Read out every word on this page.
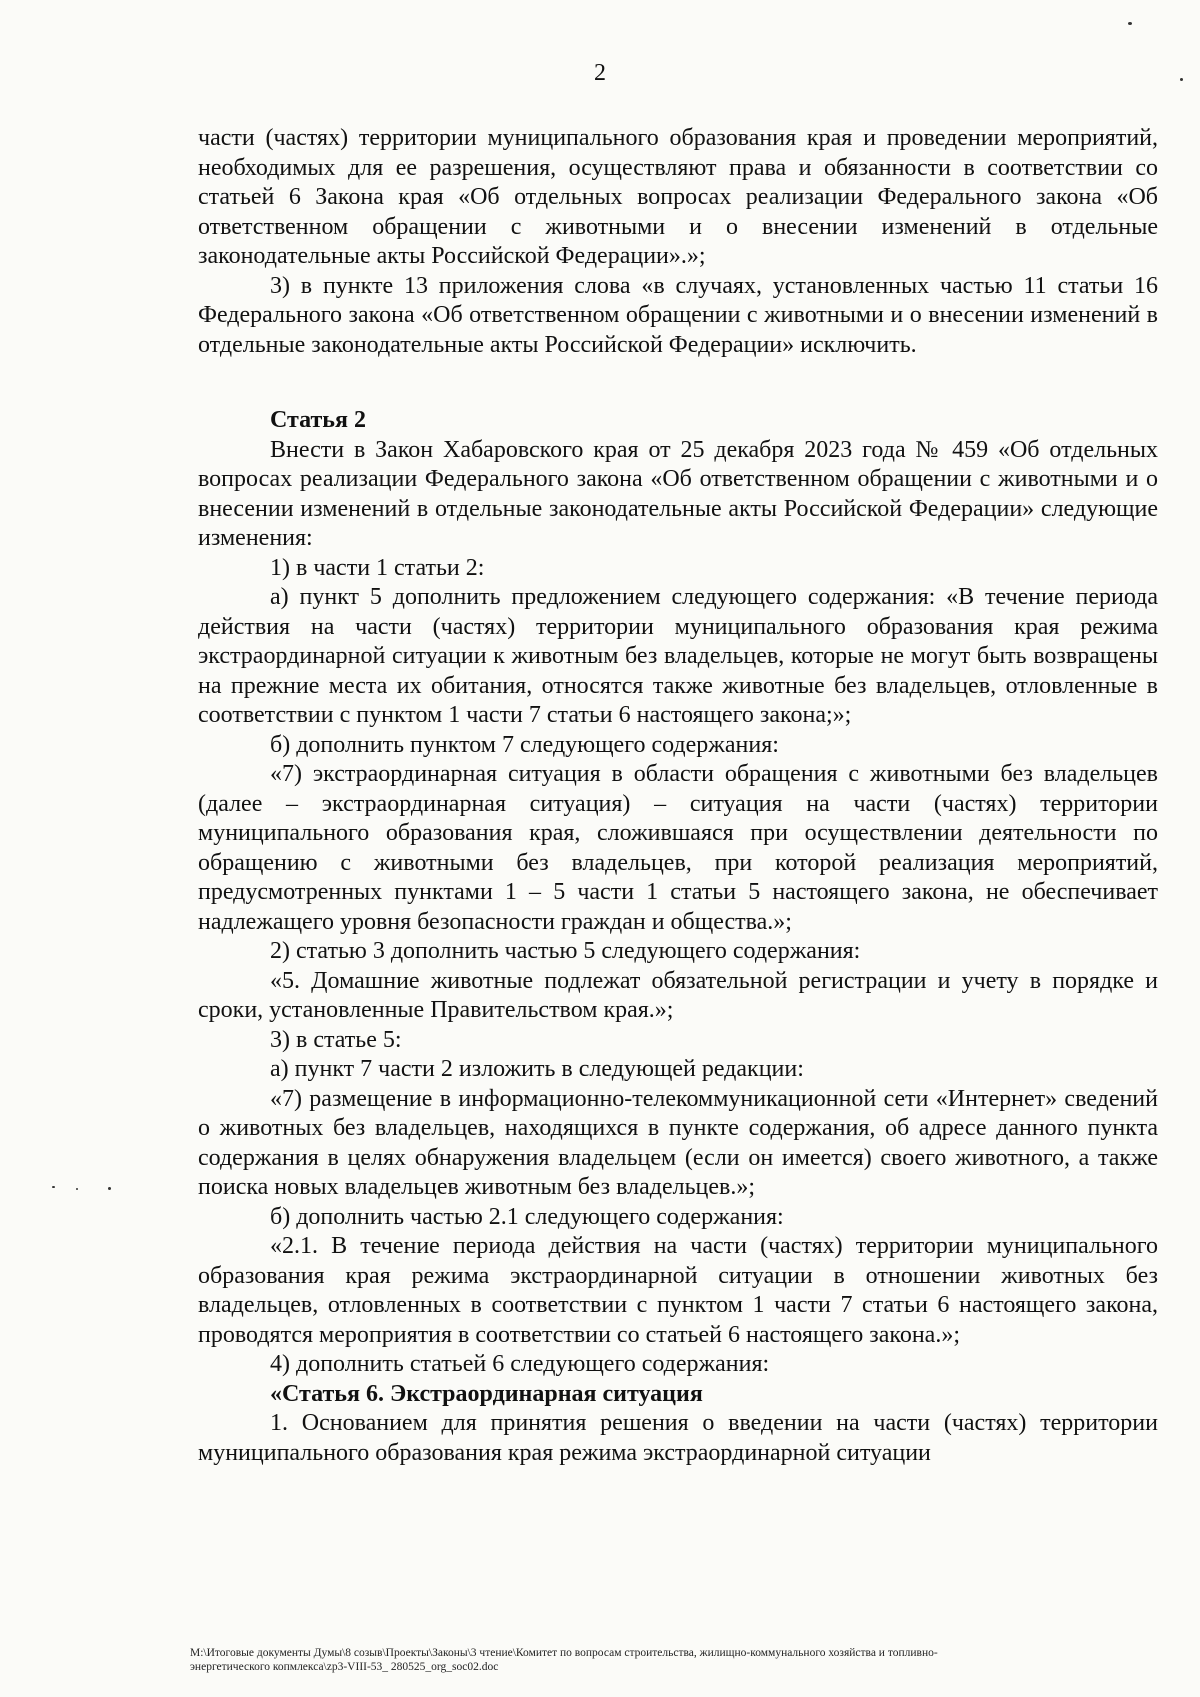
2

части (частях) территории муниципального образования края и проведении мероприятий, необходимых для ее разрешения, осуществляют права и обязанности в соответствии со статьей 6 Закона края «Об отдельных вопросах реализации Федерального закона «Об ответственном обращении с животными и о внесении изменений в отдельные законодательные акты Российской Федерации».»;

3) в пункте 13 приложения слова «в случаях, установленных частью 11 статьи 16 Федерального закона «Об ответственном обращении с животными и о внесении изменений в отдельные законодательные акты Российской Федерации» исключить.

Статья 2

Внести в Закон Хабаровского края от 25 декабря 2023 года № 459 «Об отдельных вопросах реализации Федерального закона «Об ответственном обращении с животными и о внесении изменений в отдельные законодательные акты Российской Федерации» следующие изменения:

1) в части 1 статьи 2:

а) пункт 5 дополнить предложением следующего содержания: «В течение периода действия на части (частях) территории муниципального образования края режима экстраординарной ситуации к животным без владельцев, которые не могут быть возвращены на прежние места их обитания, относятся также животные без владельцев, отловленные в соответствии с пунктом 1 части 7 статьи 6 настоящего закона;»;

б) дополнить пунктом 7 следующего содержания:

«7) экстраординарная ситуация в области обращения с животными без владельцев (далее – экстраординарная ситуация) – ситуация на части (частях) территории муниципального образования края, сложившаяся при осуществлении деятельности по обращению с животными без владельцев, при которой реализация мероприятий, предусмотренных пунктами 1 – 5 части 1 статьи 5 настоящего закона, не обеспечивает надлежащего уровня безопасности граждан и общества.»;

2) статью 3 дополнить частью 5 следующего содержания:

«5. Домашние животные подлежат обязательной регистрации и учету в порядке и сроки, установленные Правительством края.»;

3) в статье 5:

а) пункт 7 части 2 изложить в следующей редакции:

«7) размещение в информационно-телекоммуникационной сети «Интернет» сведений о животных без владельцев, находящихся в пункте содержания, об адресе данного пункта содержания в целях обнаружения владельцем (если он имеется) своего животного, а также поиска новых владельцев животным без владельцев.»;

б) дополнить частью 2.1 следующего содержания:

«2.1. В течение периода действия на части (частях) территории муниципального образования края режима экстраординарной ситуации в отношении животных без владельцев, отловленных в соответствии с пунктом 1 части 7 статьи 6 настоящего закона, проводятся мероприятия в соответствии со статьей 6 настоящего закона.»;

4) дополнить статьей 6 следующего содержания:

«Статья 6. Экстраординарная ситуация

1. Основанием для принятия решения о введении на части (частях) территории муниципального образования края режима экстраординарной ситуации

М:\Итоговые документы Думы\8 созыв\Проекты\Законы\3 чтение\Комитет по вопросам строительства, жилищно-коммунального хозяйства и топливно-
энергетического копмлекса\zp3-VIII-53_ 280525_org_soc02.doc
